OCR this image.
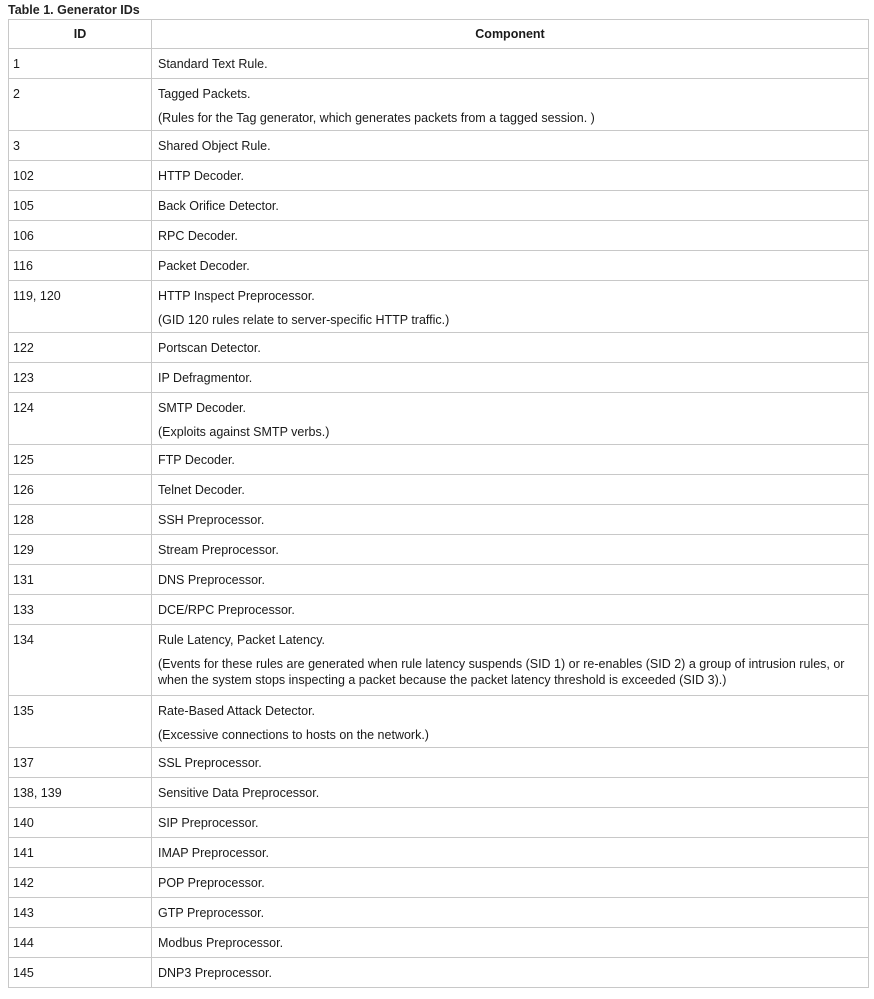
Table 1. Generator IDs
ID	Component
1	Standard Text Rule.
2	Tagged Packets.
(Rules for the Tag generator, which generates packets from a tagged session. )

3	Shared Object Rule.
102	HTTP Decoder.
105	Back Orifice Detector.
106	RPC Decoder.
116	Packet Decoder.
119, 120	HTTP Inspect Preprocessor.
(GID 120 rules relate to server-specific HTTP traffic.)

122	Portscan Detector.
123	IP Defragmentor.
124	SMTP Decoder.
(Exploits against SMTP verbs.)

125	FTP Decoder.
126	Telnet Decoder.
128	SSH Preprocessor.
129	Stream Preprocessor.
131	DNS Preprocessor.
133	DCE/RPC Preprocessor.
134	Rule Latency, Packet Latency.
(Events for these rules are generated when rule latency suspends (SID 1) or re-enables (SID 2) a group of intrusion rules, or when the system stops inspecting a packet because the packet latency threshold is exceeded (SID 3).)

135	Rate-Based Attack Detector.
(Excessive connections to hosts on the network.)

137	SSL Preprocessor.
138, 139	Sensitive Data Preprocessor.
140	SIP Preprocessor.
141	IMAP Preprocessor.
142	POP Preprocessor.
143	GTP Preprocessor.
144	Modbus Preprocessor.
145	DNP3 Preprocessor.
